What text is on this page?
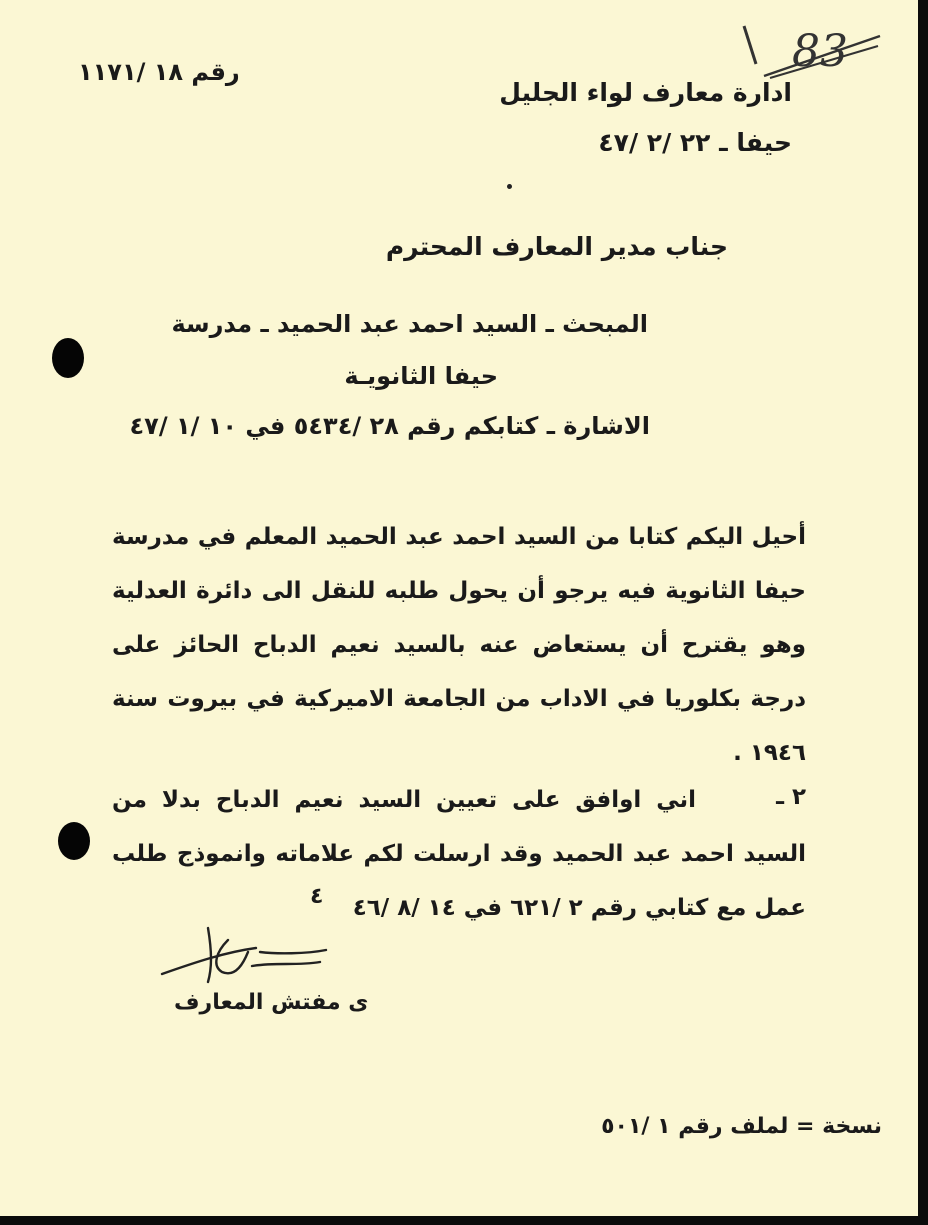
رقم ١٨ /١١٧١	83
ادارة معارف لواء الجليل
حيفا ـ ٢٢ /٢ /٤٧
جناب مدير المعارف المحترم
المبحث ـ السيد احمد عبد الحميد ـ مدرسة
حيفا الثانويـة
الاشارة ـ كتابكم رقم ٢٨ /٥٤٣٤ في ١٠ /١ /٤٧
أحيل اليكم كتابا من السيد احمد عبد الحميد المعلم في مدرسة حيفا الثانوية فيه يرجو أن يحول طلبه للنقل الى دائرة العدلية وهو يقترح أن يستعاض عنه بالسيد نعيم الدباح الحائز على درجة بكلوريا في الاداب من الجامعة الاميركية في بيروت سنة ١٩٤٦ .
٢ ـ
اني اوافق على تعيين السيد نعيم الدباح بدلا من السيد احمد عبد الحميد وقد ارسلت لكم علاماته وانموذج طلب عمل مع كتابي رقم ٢ /٦٢١ في ١٤ /٨ /٤٦
٤
ى مفتش المعارف
نسخة = لملف رقم ١ /٥٠١
